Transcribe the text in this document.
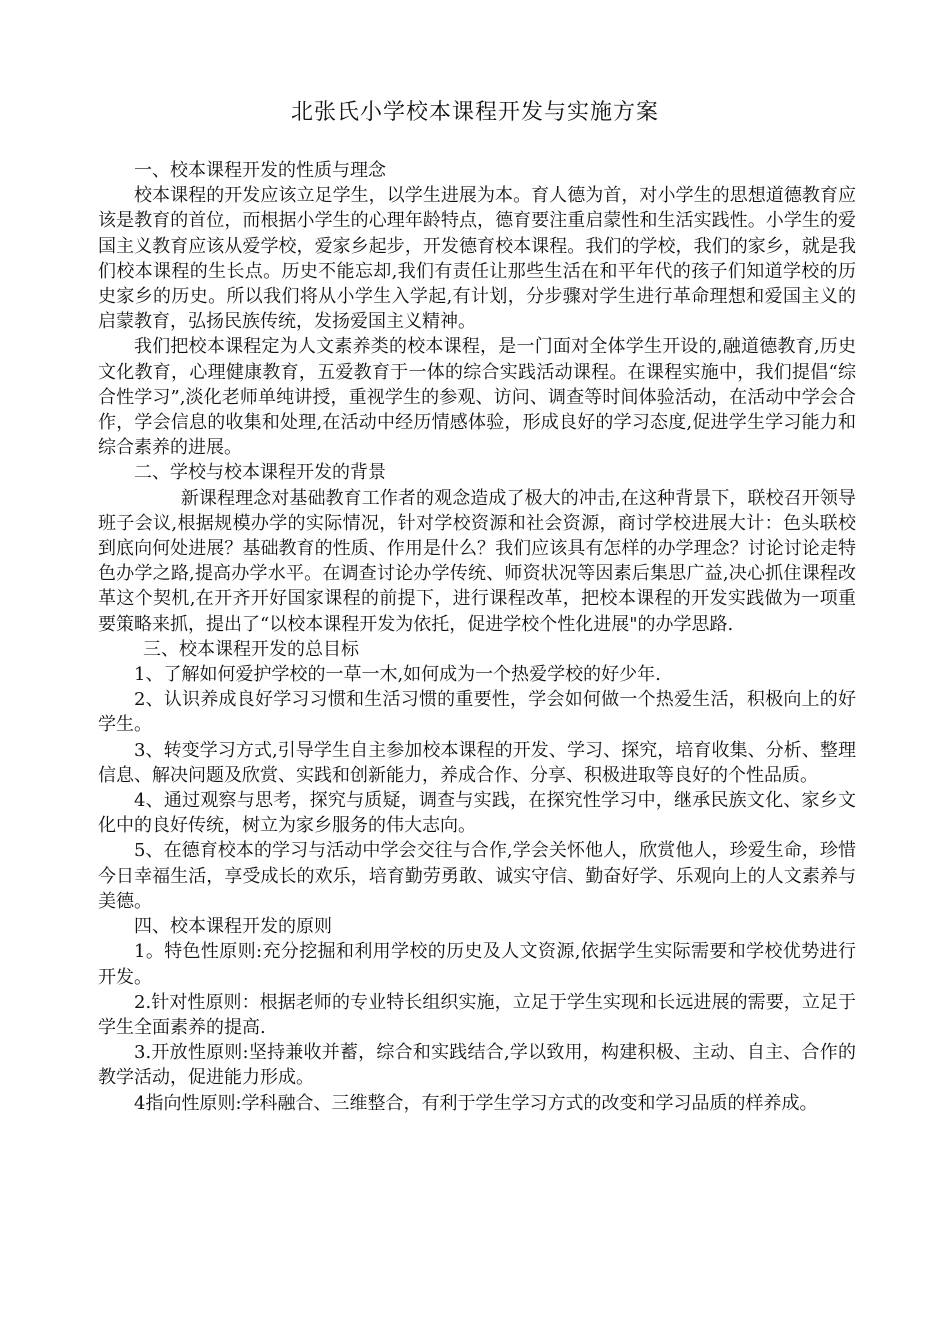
北张氏小学校本课程开发与实施方案

一、校本课程开发的性质与理念

校本课程的开发应该立足学生，以学生进展为本。育人德为首，对小学生的思想道德教育应该是教育的首位，而根据小学生的心理年龄特点，德育要注重启蒙性和生活实践性。小学生的爱国主义教育应该从爱学校，爱家乡起步，开发德育校本课程。我们的学校，我们的家乡，就是我们校本课程的生长点。历史不能忘却,我们有责任让那些生活在和平年代的孩子们知道学校的历史家乡的历史。所以我们将从小学生入学起,有计划，分步骤对学生进行革命理想和爱国主义的启蒙教育，弘扬民族传统，发扬爱国主义精神。

我们把校本课程定为人文素养类的校本课程，是一门面对全体学生开设的,融道德教育,历史文化教育，心理健康教育，五爱教育于一体的综合实践活动课程。在课程实施中，我们提倡“综合性学习”,淡化老师单纯讲授，重视学生的参观、访问、调查等时间体验活动，在活动中学会合作，学会信息的收集和处理,在活动中经历情感体验，形成良好的学习态度,促进学生学习能力和综合素养的进展。

二、学校与校本课程开发的背景

新课程理念对基础教育工作者的观念造成了极大的冲击,在这种背景下，联校召开领导班子会议,根据规模办学的实际情况，针对学校资源和社会资源，商讨学校进展大计：色头联校到底向何处进展？基础教育的性质、作用是什么？我们应该具有怎样的办学理念？讨论讨论走特色办学之路,提高办学水平。在调查讨论办学传统、师资状况等因素后集思广益,决心抓住课程改革这个契机,在开齐开好国家课程的前提下，进行课程改革，把校本课程的开发实践做为一项重要策略来抓，提出了“以校本课程开发为依托，促进学校个性化进展"的办学思路.

三、校本课程开发的总目标

1、了解如何爱护学校的一草一木,如何成为一个热爱学校的好少年.

2、认识养成良好学习习惯和生活习惯的重要性，学会如何做一个热爱生活，积极向上的好学生。

3、转变学习方式,引导学生自主参加校本课程的开发、学习、探究，培育收集、分析、整理信息、解决问题及欣赏、实践和创新能力，养成合作、分享、积极进取等良好的个性品质。

4、通过观察与思考，探究与质疑，调查与实践，在探究性学习中，继承民族文化、家乡文化中的良好传统，树立为家乡服务的伟大志向。

5、在德育校本的学习与活动中学会交往与合作,学会关怀他人，欣赏他人，珍爱生命，珍惜今日幸福生活，享受成长的欢乐，培育勤劳勇敢、诚实守信、勤奋好学、乐观向上的人文素养与美德。

四、校本课程开发的原则

1。特色性原则:充分挖掘和利用学校的历史及人文资源,依据学生实际需要和学校优势进行开发。

2.针对性原则：根据老师的专业特长组织实施，立足于学生实现和长远进展的需要，立足于学生全面素养的提高.

3.开放性原则:坚持兼收并蓄，综合和实践结合,学以致用，构建积极、主动、自主、合作的教学活动，促进能力形成。

4指向性原则:学科融合、三维整合，有利于学生学习方式的改变和学习品质的样养成。
